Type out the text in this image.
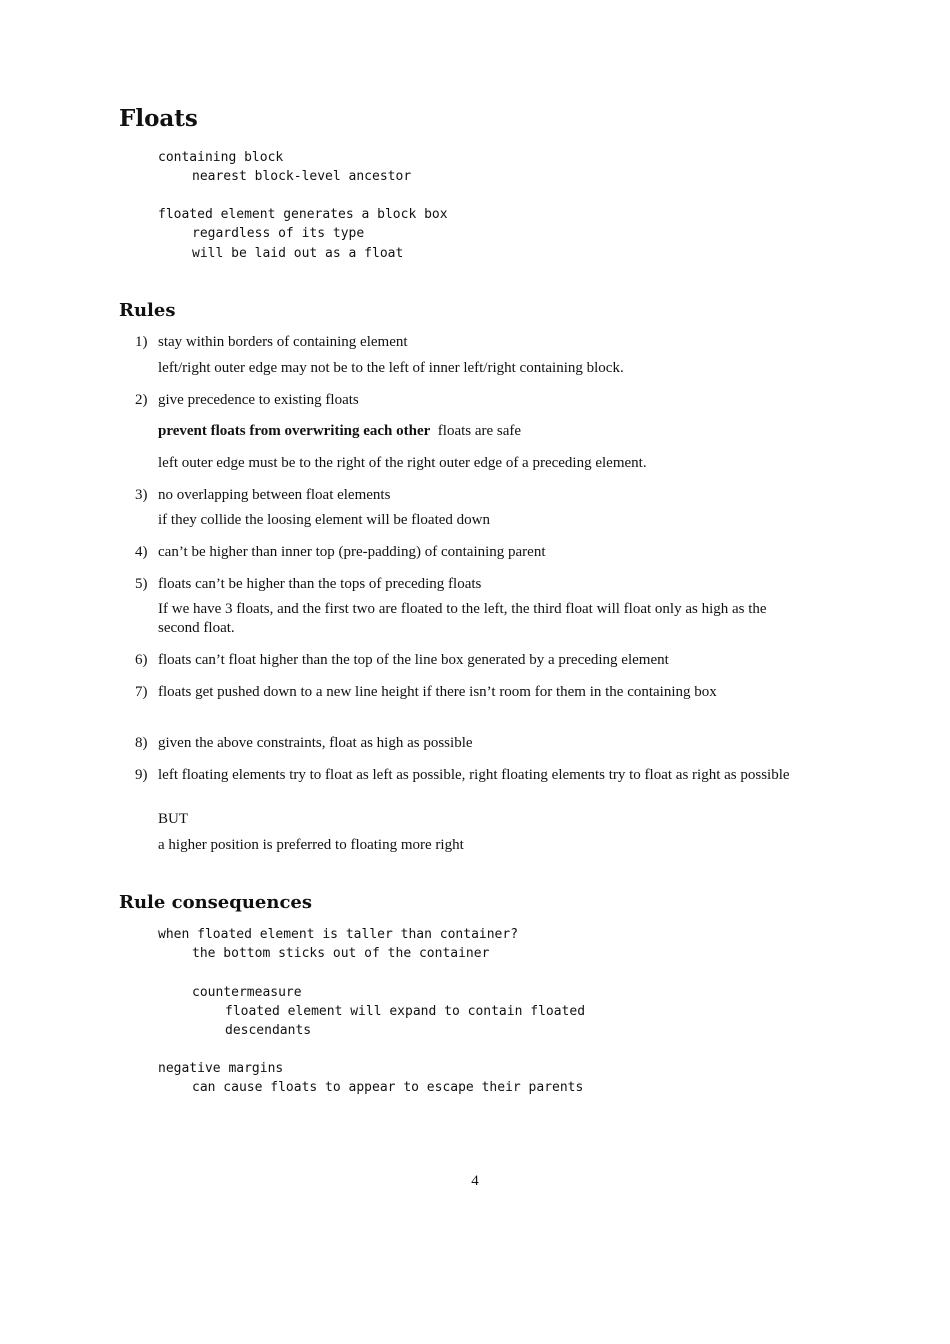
Floats
containing block
nearest block-level ancestor
floated element generates a block box
regardless of its type
will be laid out as a float
Rules
1) stay within borders of containing element
left/right outer edge may not be to the left of inner left/right containing block.
2) give precedence to existing floats
prevent floats from overwriting each other floats are safe
left outer edge must be to the right of the right outer edge of a preceding element.
3) no overlapping between float elements
if they collide the loosing element will be floated down
4) can’t be higher than inner top (pre-padding) of containing parent
5) floats can’t be higher than the tops of preceding floats
If we have 3 floats, and the first two are floated to the left, the third float will float only as high as the second float.
6) floats can’t float higher than the top of the line box generated by a preceding element
7) floats get pushed down to a new line height if there isn’t room for them in the containing box
8) given the above constraints, float as high as possible
9) left floating elements try to float as left as possible, right floating elements try to float as right as possible
BUT
a higher position is preferred to floating more right
Rule consequences
when floated element is taller than container?
the bottom sticks out of the container
countermeasure
floated element will expand to contain floated
descendants
negative margins
can cause floats to appear to escape their parents
4
